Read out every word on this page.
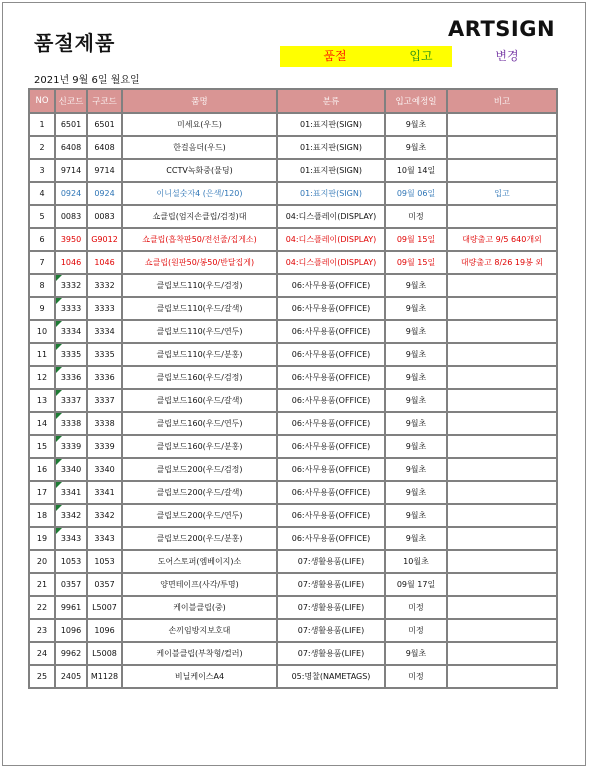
품절제품
ARTSIGN
품절	입고	변경
2021년 9월 6일 월요일
NO	신코드	구코드	품명	분류	입고예정일	비고
1	6501	6501	미세요(우드)	01:표지판(SIGN)	9월초	
2	6408	6408	한걸음더(우드)	01:표지판(SIGN)	9월초	
3	9714	9714	CCTV녹화중(물딩)	01:표지판(SIGN)	10월 14일	
4	0924	0924	이니셜숫자4 (은색/120)	01:표지판(SIGN)	09월 06일	입고
5	0083	0083	쇼클립(엄지손클립/검정)대	04:디스플레이(DISPLAY)	미정	
6	3950	G9012	쇼클립(흡착판50/전선줄/집게소)	04:디스플레이(DISPLAY)	09월 15일	대량출고 9/5 640개외
7	1046	1046	쇼클립(원판50/봉50/반달집게)	04:디스플레이(DISPLAY)	09월 15일	대량출고 8/26 19봉 외
8	3332	3332	클립보드110(우드/검정)	06:사무용품(OFFICE)	9월초	
9	3333	3333	클립보드110(우드/갈색)	06:사무용품(OFFICE)	9월초	
10	3334	3334	클립보드110(우드/연두)	06:사무용품(OFFICE)	9월초	
11	3335	3335	클립보드110(우드/분홍)	06:사무용품(OFFICE)	9월초	
12	3336	3336	클립보드160(우드/검정)	06:사무용품(OFFICE)	9월초	
13	3337	3337	클립보드160(우드/갈색)	06:사무용품(OFFICE)	9월초	
14	3338	3338	클립보드160(우드/연두)	06:사무용품(OFFICE)	9월초	
15	3339	3339	클립보드160(우드/분홍)	06:사무용품(OFFICE)	9월초	
16	3340	3340	클립보드200(우드/검정)	06:사무용품(OFFICE)	9월초	
17	3341	3341	클립보드200(우드/갈색)	06:사무용품(OFFICE)	9월초	
18	3342	3342	클립보드200(우드/연두)	06:사무용품(OFFICE)	9월초	
19	3343	3343	클립보드200(우드/분홍)	06:사무용품(OFFICE)	9월초	
20	1053	1053	도어스토퍼(엠베이지)소	07:생활용품(LIFE)	10월초	
21	0357	0357	양면테이프(사각/투명)	07:생활용품(LIFE)	09월 17일	
22	9961	L5007	케이블클립(중)	07:생활용품(LIFE)	미정	
23	1096	1096	손끼임방지보호대	07:생활용품(LIFE)	미정	
24	9962	L5008	케이블클립(부착형/컬러)	07:생활용품(LIFE)	9월초	
25	2405	M1128	비닐케이스A4	05:명찰(NAMETAGS)	미정	
